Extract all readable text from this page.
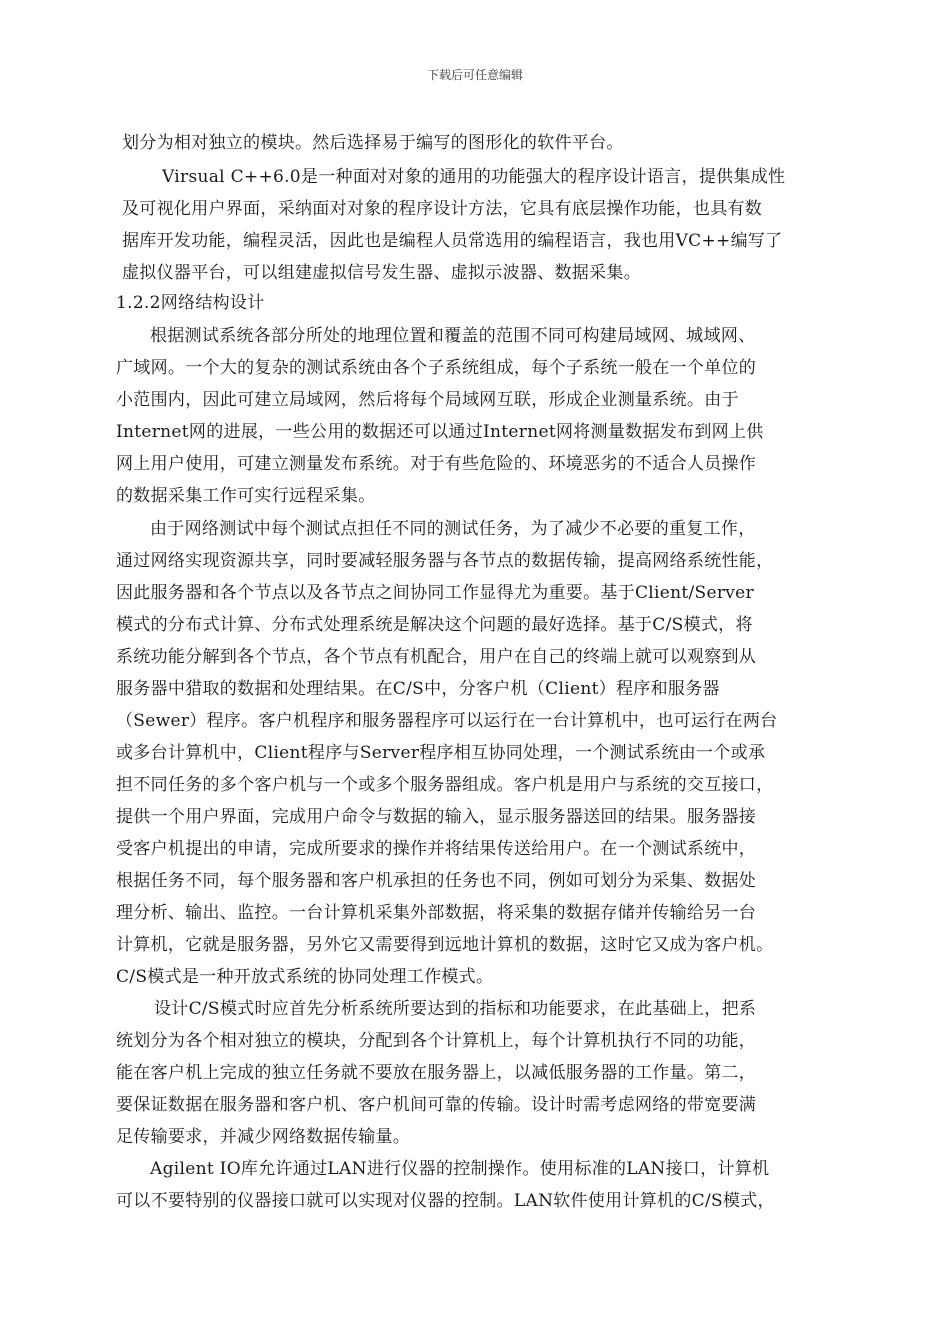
下载后可任意编辑
划分为相对独立的模块。然后选择易于编写的图形化的软件平台。
Virsual C++6.0是一种面对对象的通用的功能强大的程序设计语言，提供集成性
及可视化用户界面，采纳面对对象的程序设计方法，它具有底层操作功能，也具有数
据库开发功能，编程灵活，因此也是编程人员常选用的编程语言，我也用VC++编写了
虚拟仪器平台，可以组建虚拟信号发生器、虚拟示波器、数据采集。
1.2.2网络结构设计
根据测试系统各部分所处的地理位置和覆盖的范围不同可构建局域网、城域网、
广域网。一个大的复杂的测试系统由各个子系统组成，每个子系统一般在一个单位的
小范围内，因此可建立局域网，然后将每个局域网互联，形成企业测量系统。由于
Internet网的进展，一些公用的数据还可以通过Internet网将测量数据发布到网上供
网上用户使用，可建立测量发布系统。对于有些危险的、环境恶劣的不适合人员操作
的数据采集工作可实行远程采集。
由于网络测试中每个测试点担任不同的测试任务，为了减少不必要的重复工作，
通过网络实现资源共享，同时要减轻服务器与各节点的数据传输，提高网络系统性能，
因此服务器和各个节点以及各节点之间协同工作显得尤为重要。基于Client/Server
模式的分布式计算、分布式处理系统是解决这个问题的最好选择。基于C/S模式，将
系统功能分解到各个节点，各个节点有机配合，用户在自己的终端上就可以观察到从
服务器中猎取的数据和处理结果。在C/S中，分客户机（Client）程序和服务器
（Sewer）程序。客户机程序和服务器程序可以运行在一台计算机中，也可运行在两台
或多台计算机中，Client程序与Server程序相互协同处理，一个测试系统由一个或承
担不同任务的多个客户机与一个或多个服务器组成。客户机是用户与系统的交互接口，
提供一个用户界面，完成用户命令与数据的输入，显示服务器送回的结果。服务器接
受客户机提出的申请，完成所要求的操作并将结果传送给用户。在一个测试系统中，
根据任务不同，每个服务器和客户机承担的任务也不同，例如可划分为采集、数据处
理分析、输出、监控。一台计算机采集外部数据，将采集的数据存储并传输给另一台
计算机，它就是服务器，另外它又需要得到远地计算机的数据，这时它又成为客户机。
C/S模式是一种开放式系统的协同处理工作模式。
设计C/S模式时应首先分析系统所要达到的指标和功能要求，在此基础上，把系
统划分为各个相对独立的模块，分配到各个计算机上，每个计算机执行不同的功能，
能在客户机上完成的独立任务就不要放在服务器上，以减低服务器的工作量。第二，
要保证数据在服务器和客户机、客户机间可靠的传输。设计时需考虑网络的带宽要满
足传输要求，并减少网络数据传输量。
Agilent IO库允许通过LAN进行仪器的控制操作。使用标准的LAN接口，计算机
可以不要特别的仪器接口就可以实现对仪器的控制。LAN软件使用计算机的C/S模式，
